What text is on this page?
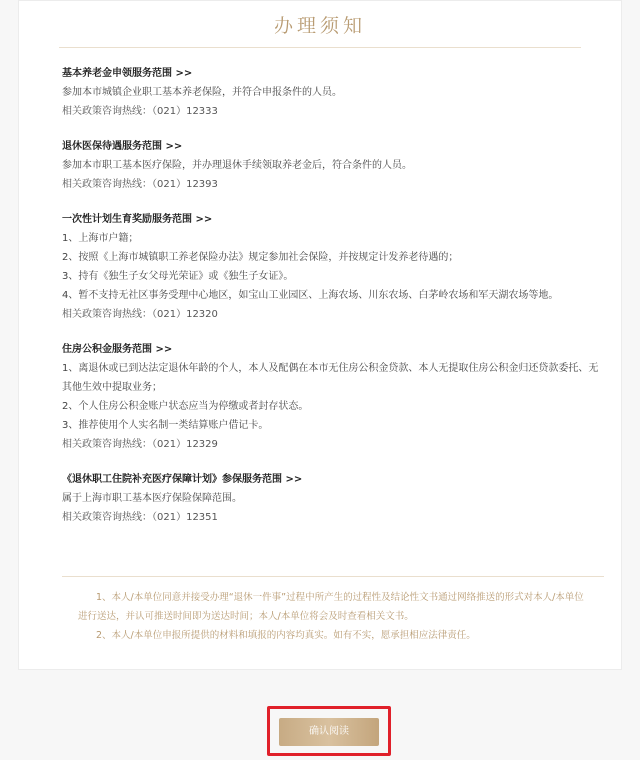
办理须知
基本养老金申领服务范围 >>
参加本市城镇企业职工基本养老保险，并符合申报条件的人员。
相关政策咨询热线：（021）12333
退休医保待遇服务范围 >>
参加本市职工基本医疗保险，并办理退休手续领取养老金后，符合条件的人员。
相关政策咨询热线：（021）12393
一次性计划生育奖励服务范围 >>
1、上海市户籍；
2、按照《上海市城镇职工养老保险办法》规定参加社会保险，并按规定计发养老待遇的；
3、持有《独生子女父母光荣证》或《独生子女证》。
4、暂不支持无社区事务受理中心地区，如宝山工业园区、上海农场、川东农场、白茅岭农场和军天湖农场等地。
相关政策咨询热线：（021）12320
住房公积金服务范围 >>
1、离退休或已到达法定退休年龄的个人，本人及配偶在本市无住房公积金贷款、本人无提取住房公积金归还贷款委托、无其他生效中提取业务；
2、个人住房公积金账户状态应当为停缴或者封存状态。
3、推荐使用个人实名制一类结算账户借记卡。
相关政策咨询热线：（021）12329
《退休职工住院补充医疗保障计划》参保服务范围 >>
属于上海市职工基本医疗保险保障范围。
相关政策咨询热线：（021）12351

1、本人/本单位同意并接受办理“退休一件事”过程中所产生的过程性及结论性文书通过网络推送的形式对本人/本单位进行送达，并认可推送时间即为送达时间；本人/本单位将会及时查看相关文书。

2、本人/本单位申报所提供的材料和填报的内容均真实。如有不实，愿承担相应法律责任。

确认阅读
